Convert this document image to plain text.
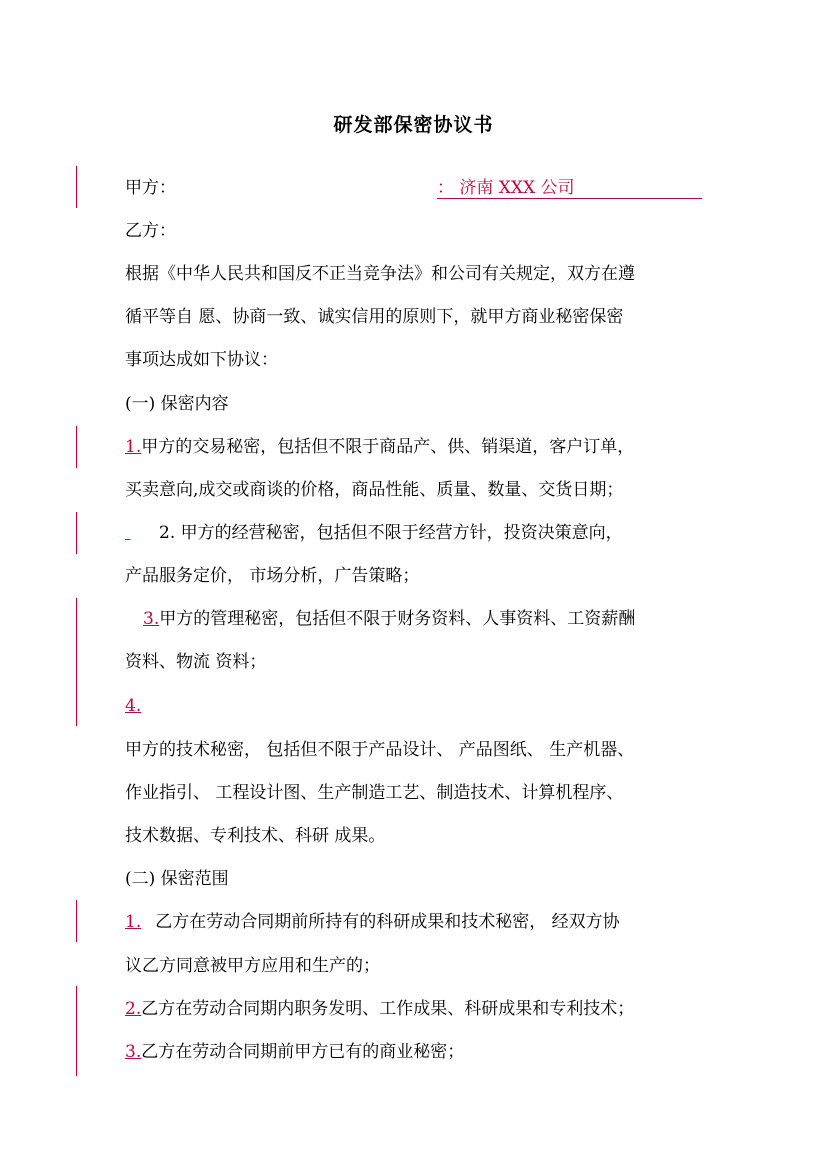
研发部保密协议书
甲方：	： 济南 XXX 公司
乙方：
根据《中华人民共和国反不正当竞争法》和公司有关规定，双方在遵
循平等自 愿、协商一致、诚实信用的原则下，就甲方商业秘密保密
事项达成如下协议：
(一) 保密内容
1.甲方的交易秘密，包括但不限于商品产、供、销渠道，客户订单，
买卖意向,成交或商谈的价格，商品性能、质量、数量、交货日期；
2. 甲方的经营秘密，包括但不限于经营方针，投资决策意向，
产品服务定价， 市场分析，广告策略；
3.甲方的管理秘密，包括但不限于财务资料、人事资料、工资薪酬
资料、物流 资料；
4.
甲方的技术秘密， 包括但不限于产品设计、 产品图纸、 生产机器、
作业指引、 工程设计图、生产制造工艺、制造技术、计算机程序、
技术数据、专利技术、科研 成果。
(二) 保密范围
1. 乙方在劳动合同期前所持有的科研成果和技术秘密， 经双方协
议乙方同意被甲方应用和生产的；
2.乙方在劳动合同期内职务发明、工作成果、科研成果和专利技术；
3.乙方在劳动合同期前甲方已有的商业秘密；
